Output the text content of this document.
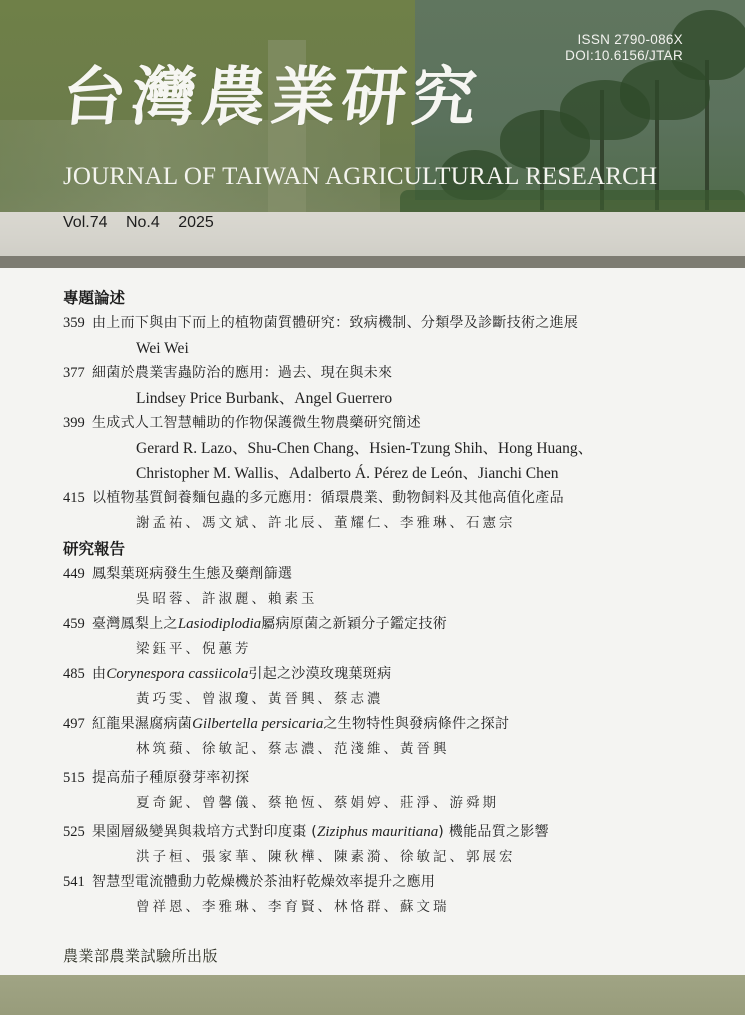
ISSN 2790-086X
DOI:10.6156/JTAR
台灣農業研究
JOURNAL OF TAIWAN AGRICULTURAL RESEARCH
Vol.74 No.4 2025
專題論述
359 由上而下與由下而上的植物菌質體研究：致病機制、分類學及診斷技術之進展
Wei Wei
377 細菌於農業害蟲防治的應用：過去、現在與未來
Lindsey Price Burbank、Angel Guerrero
399 生成式人工智慧輔助的作物保護微生物農藥研究簡述
Gerard R. Lazo、Shu-Chen Chang、Hsien-Tzung Shih、Hong Huang、
Christopher M. Wallis、Adalberto Á. Pérez de León、Jianchi Chen
415 以植物基質飼養麵包蟲的多元應用：循環農業、動物飼料及其他高值化產品
謝孟祐、馮文斌、許北辰、董耀仁、李雅琳、石憲宗
研究報告
449 鳳梨葉斑病發生生態及藥劑篩選
吳昭蓉、許淑麗、賴素玉
459 臺灣鳳梨上之Lasiodiplodia屬病原菌之新穎分子鑑定技術
梁鈺平、倪蕙芳
485 由Corynespora cassiicola引起之沙漠玫瑰葉斑病
黃巧雯、曾淑瓊、黃晉興、蔡志濃
497 紅龍果濕腐病菌Gilbertella persicaria之生物特性與發病條件之探討
林筑蘋、徐敏記、蔡志濃、范淺維、黃晉興
515 提高茄子種原發芽率初探
夏奇鈮、曾馨儀、蔡艳恆、蔡娟婷、莊淨、游舜期
525 果園層級變異與栽培方式對印度棗 (Ziziphus mauritiana) 機能品質之影響
洪子桓、張家華、陳秋樺、陳素漪、徐敏記、郭展宏
541 智慧型電流體動力乾燥機於茶油籽乾燥效率提升之應用
曾祥恩、李雅琳、李育賢、林恪群、蘇文瑞
農業部農業試驗所出版
